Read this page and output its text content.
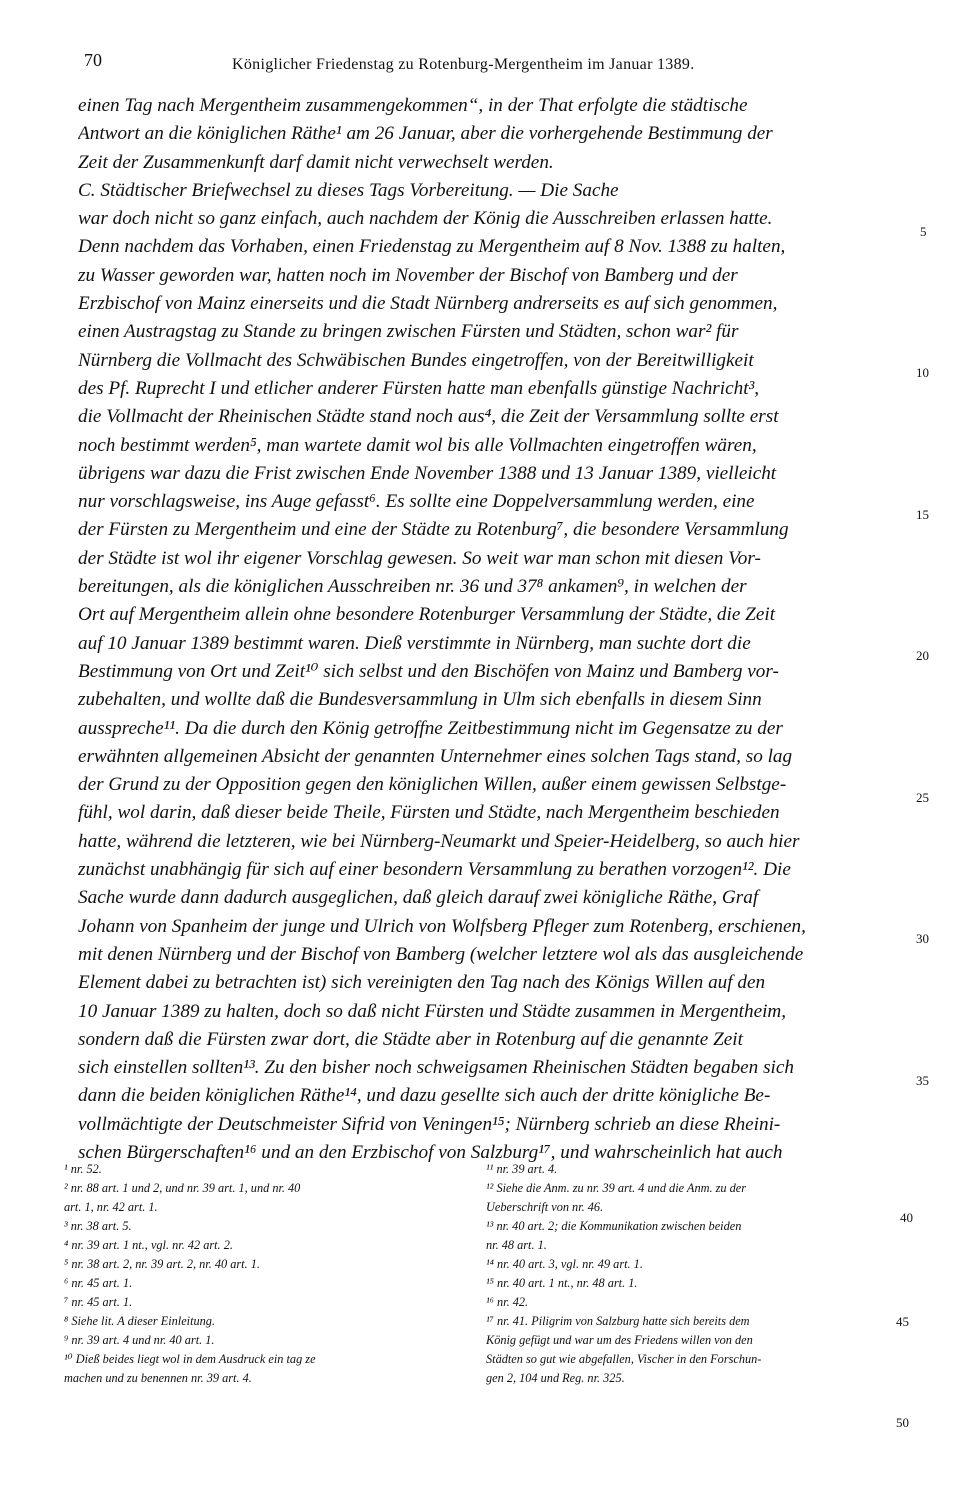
70	Königlicher Friedenstag zu Rotenburg-Mergentheim im Januar 1389.
einen Tag nach Mergentheim zusammengekommen“, in der That erfolgte die städtische
Antwort an die königlichen Räthe¹ am 26 Januar, aber die vorhergehende Bestimmung der
Zeit der Zusammenkunft darf damit nicht verwechselt werden.
C. Städtischer Briefwechsel zu dieses Tags Vorbereitung. — Die Sache
war doch nicht so ganz einfach, auch nachdem der König die Ausschreiben erlassen hatte.
Denn nachdem das Vorhaben, einen Friedenstag zu Mergentheim auf 8 Nov. 1388 zu halten,
zu Wasser geworden war, hatten noch im November der Bischof von Bamberg und der
Erzbischof von Mainz einerseits und die Stadt Nürnberg andrerseits es auf sich genommen,
einen Austragstag zu Stande zu bringen zwischen Fürsten und Städten, schon war² für
Nürnberg die Vollmacht des Schwäbischen Bundes eingetroffen, von der Bereitwilligkeit
des Pf. Ruprecht I und etlicher anderer Fürsten hatte man ebenfalls günstige Nachricht³,
die Vollmacht der Rheinischen Städte stand noch aus⁴, die Zeit der Versammlung sollte erst
noch bestimmt werden⁵, man wartete damit wol bis alle Vollmachten eingetroffen wären,
übrigens war dazu die Frist zwischen Ende November 1388 und 13 Januar 1389, vielleicht
nur vorschlagsweise, ins Auge gefasst⁶. Es sollte eine Doppelversammlung werden, eine
der Fürsten zu Mergentheim und eine der Städte zu Rotenburg⁷, die besondere Versammlung
der Städte ist wol ihr eigener Vorschlag gewesen. So weit war man schon mit diesen Vor-
bereitungen, als die königlichen Ausschreiben nr. 36 und 37⁸ ankamen⁹, in welchen der
Ort auf Mergentheim allein ohne besondere Rotenburger Versammlung der Städte, die Zeit
auf 10 Januar 1389 bestimmt waren. Dieß verstimmte in Nürnberg, man suchte dort die
Bestimmung von Ort und Zeit¹⁰ sich selbst und den Bischöfen von Mainz und Bamberg vor-
zubehalten, und wollte daß die Bundesversammlung in Ulm sich ebenfalls in diesem Sinn
ausspreche¹¹. Da die durch den König getroffne Zeitbestimmung nicht im Gegensatze zu der
erwähnten allgemeinen Absicht der genannten Unternehmer eines solchen Tags stand, so lag
der Grund zu der Opposition gegen den königlichen Willen, außer einem gewissen Selbstge-
fühl, wol darin, daß dieser beide Theile, Fürsten und Städte, nach Mergentheim beschieden
hatte, während die letzteren, wie bei Nürnberg-Neumarkt und Speier-Heidelberg, so auch hier
zunächst unabhängig für sich auf einer besondern Versammlung zu berathen vorzogen¹². Die
Sache wurde dann dadurch ausgeglichen, daß gleich darauf zwei königliche Räthe, Graf
Johann von Spanheim der junge und Ulrich von Wolfsberg Pfleger zum Rotenberg, erschienen,
mit denen Nürnberg und der Bischof von Bamberg (welcher letztere wol als das ausgleichende
Element dabei zu betrachten ist) sich vereinigten den Tag nach des Königs Willen auf den
10 Januar 1389 zu halten, doch so daß nicht Fürsten und Städte zusammen in Mergentheim,
sondern daß die Fürsten zwar dort, die Städte aber in Rotenburg auf die genannte Zeit
sich einstellen sollten¹³. Zu den bisher noch schweigsamen Rheinischen Städten begaben sich
dann die beiden königlichen Räthe¹⁴, und dazu gesellte sich auch der dritte königliche Be-
vollmächtigte der Deutschmeister Sifrid von Veningen¹⁵; Nürnberg schrieb an diese Rheini-
schen Bürgerschaften¹⁶ und an den Erzbischof von Salzburg¹⁷, und wahrscheinlich hat auch
5
10
15
20
25
30
35
¹ nr. 52.
² nr. 88 art. 1 und 2, und nr. 39 art. 1, und nr. 40
art. 1, nr. 42 art. 1.
³ nr. 38 art. 5.
⁴ nr. 39 art. 1 nt., vgl. nr. 42 art. 2.
⁵ nr. 38 art. 2, nr. 39 art. 2, nr. 40 art. 1.
⁶ nr. 45 art. 1.
⁷ nr. 45 art. 1.
⁸ Siehe lit. A dieser Einleitung.
⁹ nr. 39 art. 4 und nr. 40 art. 1.
¹⁰ Dieß beides liegt wol in dem Ausdruck ein tag ze
machen und zu benennen nr. 39 art. 4.
¹¹ nr. 39 art. 4.
¹² Siehe die Anm. zu nr. 39 art. 4 und die Anm. zu der
Ueberschrift von nr. 46.
¹³ nr. 40 art. 2; die Kommunikation zwischen beiden
nr. 48 art. 1.
¹⁴ nr. 40 art. 3, vgl. nr. 49 art. 1.
¹⁵ nr. 40 art. 1 nt., nr. 48 art. 1.
¹⁶ nr. 42.
¹⁷ nr. 41. Piligrim von Salzburg hatte sich bereits dem
König gefügt und war um des Friedens willen von den
Städten so gut wie abgefallen, Vischer in den Forschun-
gen 2, 104 und Reg. nr. 325.
40
45
50
